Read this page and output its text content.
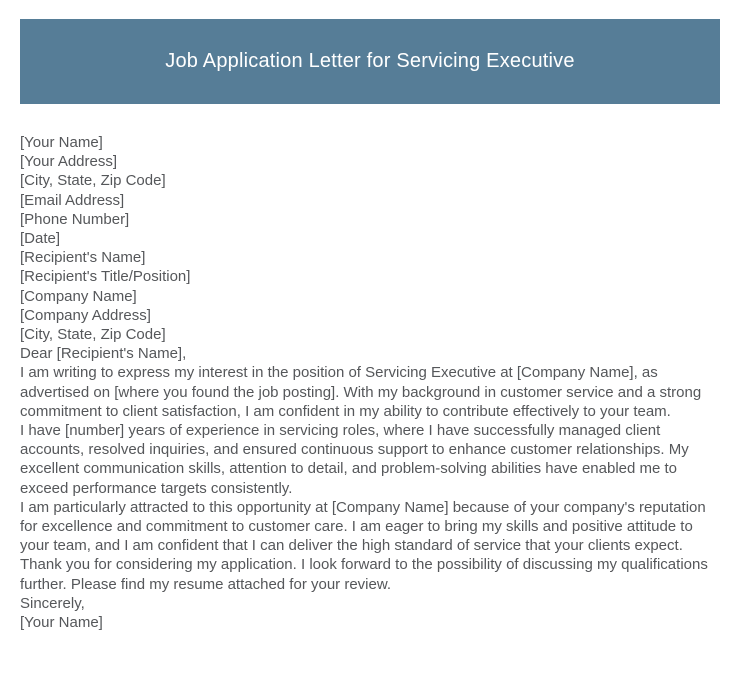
Job Application Letter for Servicing Executive
[Your Name]
[Your Address]
[City, State, Zip Code]
[Email Address]
[Phone Number]
[Date]
[Recipient's Name]
[Recipient's Title/Position]
[Company Name]
[Company Address]
[City, State, Zip Code]
Dear [Recipient's Name],

I am writing to express my interest in the position of Servicing Executive at [Company Name], as advertised on [where you found the job posting]. With my background in customer service and a strong commitment to client satisfaction, I am confident in my ability to contribute effectively to your team.

I have [number] years of experience in servicing roles, where I have successfully managed client accounts, resolved inquiries, and ensured continuous support to enhance customer relationships. My excellent communication skills, attention to detail, and problem-solving abilities have enabled me to exceed performance targets consistently.

I am particularly attracted to this opportunity at [Company Name] because of your company's reputation for excellence and commitment to customer care. I am eager to bring my skills and positive attitude to your team, and I am confident that I can deliver the high standard of service that your clients expect.

Thank you for considering my application. I look forward to the possibility of discussing my qualifications further. Please find my resume attached for your review.

Sincerely,
[Your Name]
